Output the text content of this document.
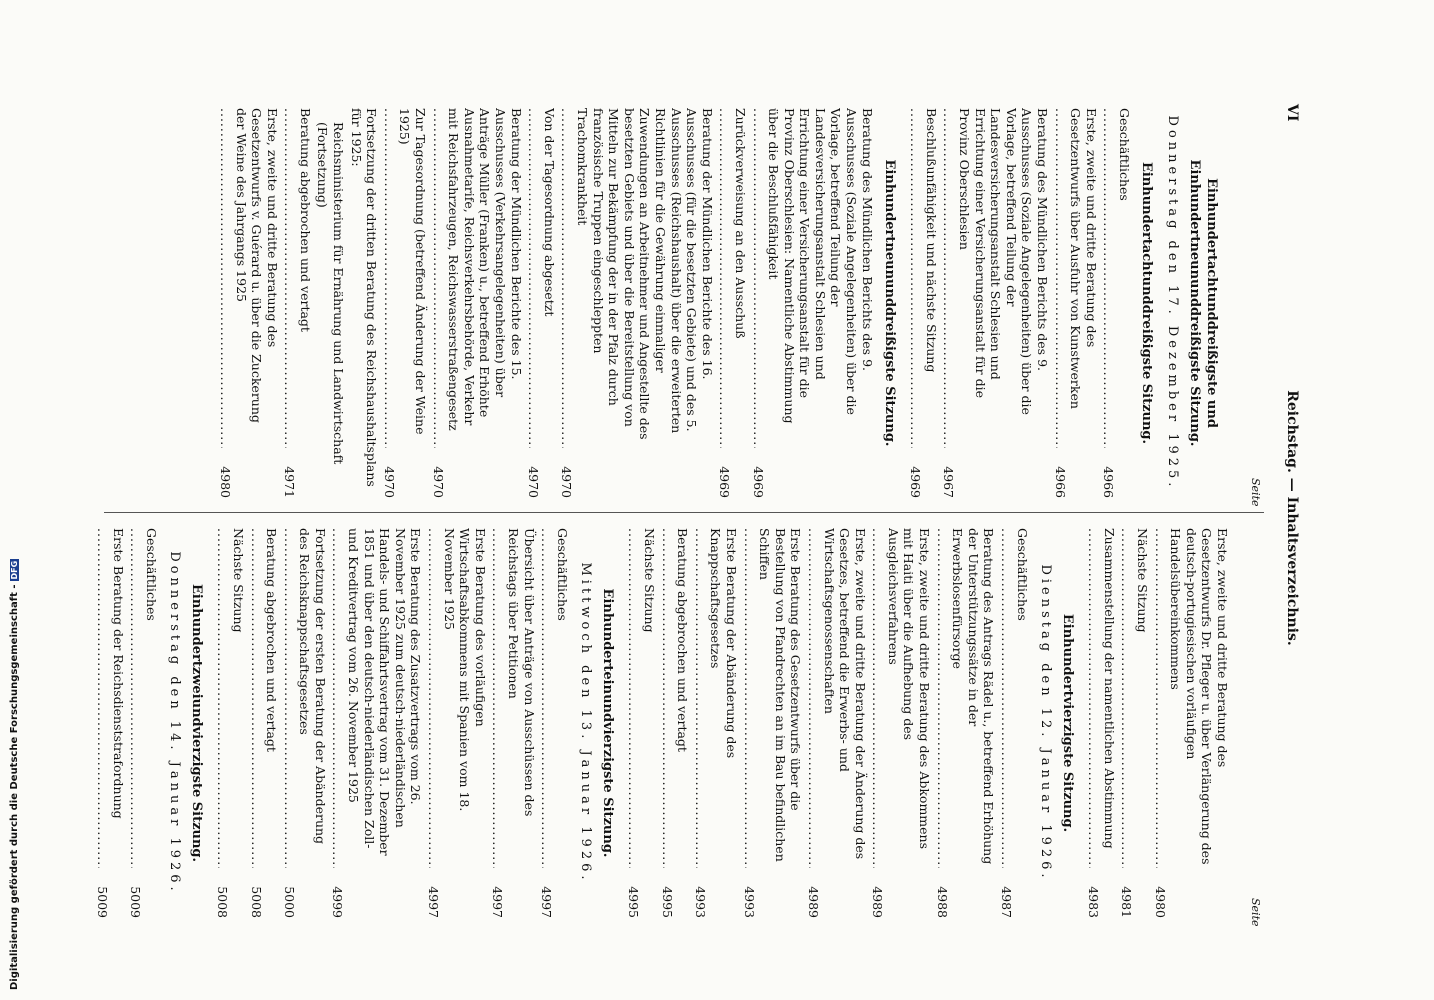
Digitalisierung gefördert durch die Deutsche Forschungsgemeinschaft -DFG
VI
Reichstag. — Inhaltsverzeichnis.
Seite
Seite
Einhundertachtunddreißigste und Einhundertneununddreißigste Sitzung.
Donnerstag den 17. Dezember 1925.
Einhundertachtunddreißigste Sitzung.
Geschäftliches .....
4966
Erste, zweite und dritte Beratung des Gesetzentwurfs über Ausfuhr von Kunstwerken .....
4966
Beratung des Mündlichen Berichts des 9. Ausschusses (Soziale Angelegenheiten) über die Vorlage, betreffend Teilung der Landesversicherungsanstalt Schlesien und Errichtung einer Versicherungsanstalt für die Provinz Oberschlesien .....
4967
Beschlußunfähigkeit und nächste Sitzung .....
4969
Einhundertneununddreißigste Sitzung.
Beratung des Mündlichen Berichts des 9. Ausschusses (Soziale Angelegenheiten) über die Vorlage, betreffend Teilung der Landesversicherungsanstalt Schlesien und Errichtung einer Versicherungsanstalt für die Provinz Oberschlesien: Namentliche Abstimmung über die Beschlußfähigkeit .....
4969
Zurückverweisung an den Ausschuß .....
4969
Beratung der Mündlichen Berichte des 16. Ausschusses (für die besetzten Gebiete) und des 5. Ausschusses (Reichshaushalt) über die erweiterten Richtlinien für die Gewährung einmaliger Zuwendungen an Arbeitnehmer und Angestellte des besetzten Gebiets und über die Bereitstellung von Mitteln zur Bekämpfung der in der Pfalz durch französische Truppen eingeschleppten Trachomkrankheit .....
4970
Von der Tagesordnung abgesetzt .....
4970
Beratung der Mündlichen Berichte des 15. Ausschusses (Verkehrsangelegenheiten) über Anträge Müller (Franken) u., betreffend Erhöhte Ausnahmetarife, Reichsverkehrsbehörde, Verkehr mit Reichsfahrzeugen, Reichswasserstraßengesetz .....
4970
Zur Tagesordnung (betreffend Änderung der Weine 1925) .....
4970
Fortsetzung der dritten Beratung des Reichshaushaltsplans für 1925:
Reichsministerium für Ernährung und Landwirtschaft (Fortsetzung)
Beratung abgebrochen und vertagt .....
4971
Erste, zweite und dritte Beratung des Gesetzentwurfs v. Guérard u. über die Zuckerung der Weine des Jahrgangs 1925 .....
4980
Erste, zweite und dritte Beratung des Gesetzentwurfs Dr. Pfleger u. über Verlängerung des deutsch-portugiesischen vorläufigen Handelsübereinkommens .....
4980
Nächste Sitzung .....
4981
Zusammenstellung der namentlichen Abstimmung .....
4983
Einhundertvierzigste Sitzung.
Dienstag den 12. Januar 1926.
Geschäftliches .....
4987
Beratung des Antrags Rädel u., betreffend Erhöhung der Unterstützungssätze in der Erwerbslosenfürsorge .....
4988
Erste, zweite und dritte Beratung des Abkommens mit Haiti über die Aufhebung des Ausgleichsverfahrens .....
4989
Erste, zweite und dritte Beratung der Änderung des Gesetzes, betreffend die Erwerbs- und Wirtschaftsgenossenschaften .....
4989
Erste Beratung des Gesetzentwurfs über die Bestellung von Pfandrechten an im Bau befindlichen Schiffen .....
4993
Erste Beratung der Abänderung des Knappschaftsgesetzes .....
4993
Beratung abgebrochen und vertagt .....
4995
Nächste Sitzung .....
4995
Einhunderteinundvierzigste Sitzung.
Mittwoch den 13. Januar 1926.
Geschäftliches .....
4997
Übersicht über Anträge von Ausschüssen des Reichstags über Petitionen .....
4997
Erste Beratung des vorläufigen Wirtschaftsabkommens mit Spanien vom 18. November 1925 .....
4997
Erste Beratung des Zusatzvertrags vom 26. November 1925 zum deutsch-niederländischen Handels- und Schiffahrtsvertrag vom 31. Dezember 1851 und über den deutsch-niederländischen Zoll- und Kreditvertrag vom 26. November 1925 .....
4999
Fortsetzung der ersten Beratung der Abänderung des Reichsknappschaftsgesetzes .....
5000
Beratung abgebrochen und vertagt .....
5008
Nächste Sitzung .....
5008
Einhundertzweiundvierzigste Sitzung.
Donnerstag den 14. Januar 1926.
Geschäftliches .....
5009
Erste Beratung der Reichsdienststrafordnung .....
5009
